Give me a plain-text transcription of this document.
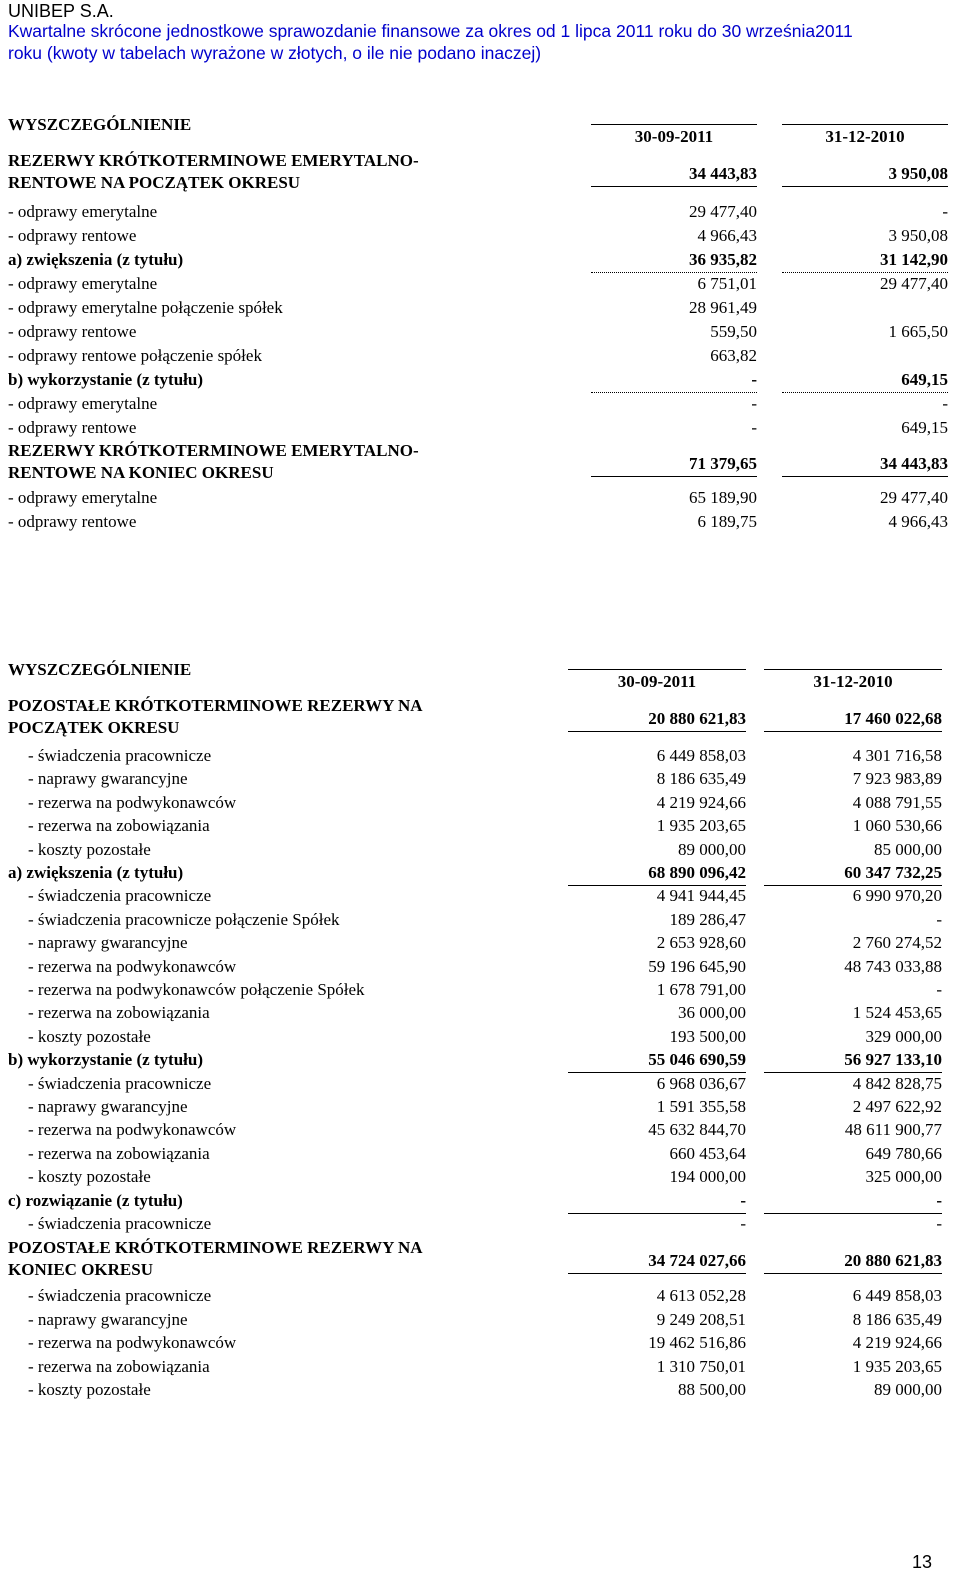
UNIBEP S.A.
Kwartalne skrócone jednostkowe sprawozdanie finansowe za okres od 1 lipca 2011 roku do 30 września2011
roku (kwoty w tabelach wyrażone w złotych, o ile nie podano inaczej)
WYSZCZEGÓLNIENIE
30-09-2011	31-12-2010
REZERWY KRÓTKOTERMINOWE EMERYTALNO-
RENTOWE NA POCZĄTEK OKRESU	34 443,83	3 950,08
- odprawy emerytalne	29 477,40	-
- odprawy rentowe	4 966,43	3 950,08
a) zwiększenia (z tytułu)	36 935,82	31 142,90
- odprawy emerytalne	6 751,01	29 477,40
- odprawy emerytalne połączenie spółek	28 961,49
- odprawy rentowe	559,50	1 665,50
- odprawy rentowe połączenie spółek	663,82
b) wykorzystanie (z tytułu)	-	649,15
- odprawy emerytalne	-	-
- odprawy rentowe	-	649,15
REZERWY KRÓTKOTERMINOWE EMERYTALNO-
RENTOWE NA KONIEC OKRESU	71 379,65	34 443,83
- odprawy emerytalne	65 189,90	29 477,40
- odprawy rentowe	6 189,75	4 966,43
WYSZCZEGÓLNIENIE
30-09-2011	31-12-2010
POZOSTAŁE KRÓTKOTERMINOWE REZERWY NA
POCZĄTEK OKRESU	20 880 621,83	17 460 022,68
- świadczenia pracownicze	6 449 858,03	4 301 716,58
- naprawy gwarancyjne	8 186 635,49	7 923 983,89
- rezerwa na podwykonawców	4 219 924,66	4 088 791,55
- rezerwa na zobowiązania	1 935 203,65	1 060 530,66
- koszty pozostałe	89 000,00	85 000,00
a) zwiększenia (z tytułu)	68 890 096,42	60 347 732,25
- świadczenia pracownicze	4 941 944,45	6 990 970,20
- świadczenia pracownicze połączenie Spółek	189 286,47	-
- naprawy gwarancyjne	2 653 928,60	2 760 274,52
- rezerwa na podwykonawców	59 196 645,90	48 743 033,88
- rezerwa na podwykonawców połączenie Spółek	1 678 791,00	-
- rezerwa na zobowiązania	36 000,00	1 524 453,65
- koszty pozostałe	193 500,00	329 000,00
b) wykorzystanie (z tytułu)	55 046 690,59	56 927 133,10
- świadczenia pracownicze	6 968 036,67	4 842 828,75
- naprawy gwarancyjne	1 591 355,58	2 497 622,92
- rezerwa na podwykonawców	45 632 844,70	48 611 900,77
- rezerwa na zobowiązania	660 453,64	649 780,66
- koszty pozostałe	194 000,00	325 000,00
c) rozwiązanie (z tytułu)	-	-
- świadczenia pracownicze	-	-
POZOSTAŁE KRÓTKOTERMINOWE REZERWY NA
KONIEC OKRESU	34 724 027,66	20 880 621,83
- świadczenia pracownicze	4 613 052,28	6 449 858,03
- naprawy gwarancyjne	9 249 208,51	8 186 635,49
- rezerwa na podwykonawców	19 462 516,86	4 219 924,66
- rezerwa na zobowiązania	1 310 750,01	1 935 203,65
- koszty pozostałe	88 500,00	89 000,00
13
